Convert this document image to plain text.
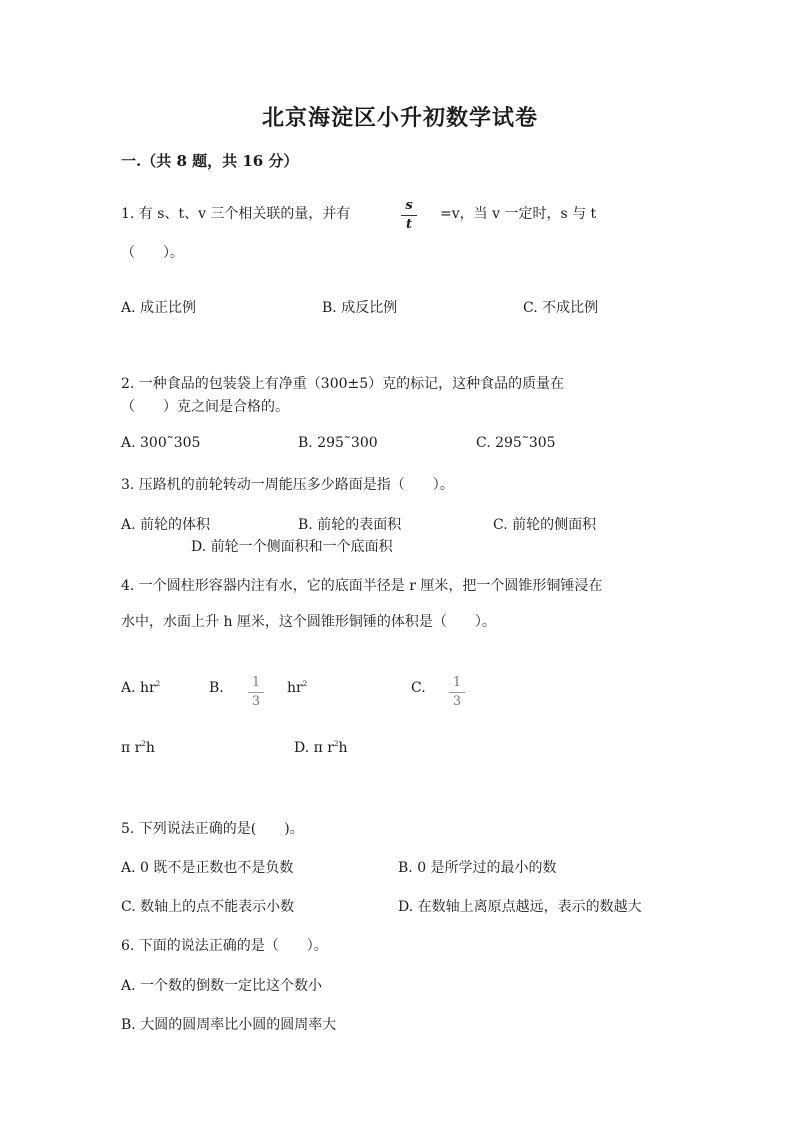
北京海淀区小升初数学试卷
一.（共 8 题，共 16 分）
1. 有 s、t、v 三个相关联的量，并有
s
t
=v，当 v 一定时，s 与 t
（　　）。
A. 成正比例	B. 成反比例	C. 不成比例
2. 一种食品的包装袋上有净重（300±5）克的标记，这种食品的质量在
（　　）克之间是合格的。
A. 300˜305	B. 295˜300	C. 295˜305
3. 压路机的前轮转动一周能压多少路面是指（　　）。
A. 前轮的体积	B. 前轮的表面积	C. 前轮的侧面积
D. 前轮一个侧面积和一个底面积
4. 一个圆柱形容器内注有水，它的底面半径是 r 厘米，把一个圆锥形铜锤浸在
水中，水面上升 h 厘米，这个圆锥形铜锤的体积是（　　）。
A. $hr^2$	B.	1
3
$hr^2$	C.	1
3
π $r^2h$	D. π $r^2h$
5. 下列说法正确的是(　　)。
A. 0 既不是正数也不是负数	B. 0 是所学过的最小的数
C. 数轴上的点不能表示小数	D. 在数轴上离原点越远，表示的数越大
6. 下面的说法正确的是（　　）。
A. 一个数的倒数一定比这个数小
B. 大圆的圆周率比小圆的圆周率大
